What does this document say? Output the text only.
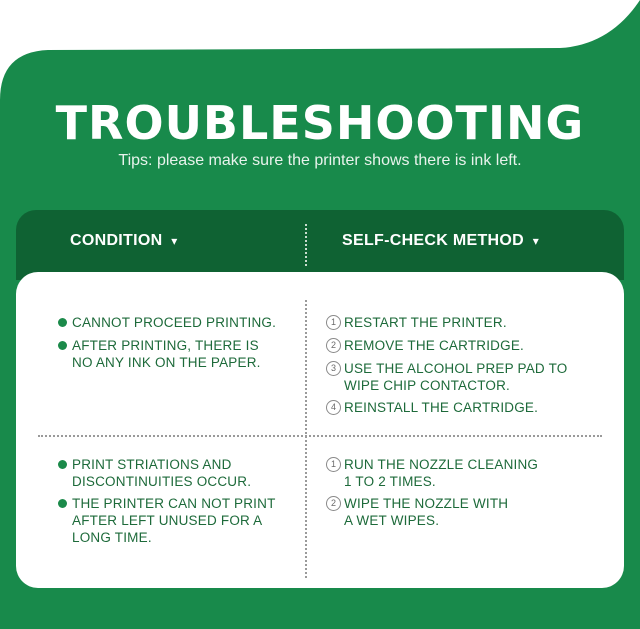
TROUBLESHOOTING
Tips: please make sure the printer shows there is ink left.
CONDITION ▾	SELF-CHECK METHOD ▾
CANNOT PROCEED PRINTING.
AFTER PRINTING, THERE IS
NO ANY INK ON THE PAPER.
1 RESTART THE PRINTER.
2 REMOVE THE CARTRIDGE.
3 USE THE ALCOHOL PREP PAD TO
WIPE CHIP CONTACTOR.
4 REINSTALL THE CARTRIDGE.
PRINT STRIATIONS AND
DISCONTINUITIES OCCUR.
THE PRINTER CAN NOT PRINT
AFTER LEFT UNUSED FOR A
LONG TIME.
1 RUN THE NOZZLE CLEANING
1 TO 2 TIMES.
2 WIPE THE NOZZLE WITH
A WET WIPES.
